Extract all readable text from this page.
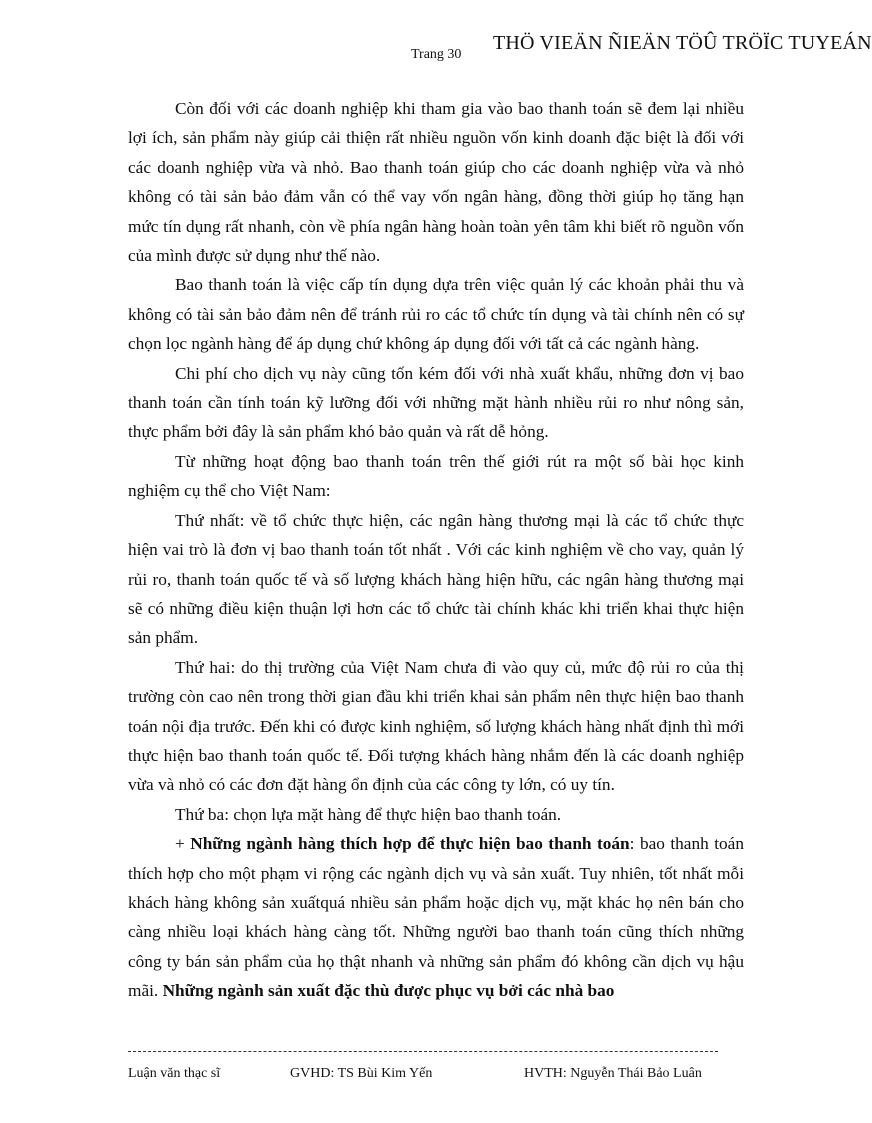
Trang 30
THÖ VIEÄN ÑIEÄN TÖÛ TRÖÏC TUYEÁN

Còn đối với các doanh nghiệp khi tham gia vào bao thanh toán sẽ đem lại nhiều lợi ích, sản phẩm này giúp cải thiện rất nhiều nguồn vốn kinh doanh đặc biệt là đối với các doanh nghiệp vừa và nhỏ. Bao thanh toán giúp cho các doanh nghiệp vừa và nhỏ không có tài sản bảo đảm vẫn có thể vay vốn ngân hàng, đồng thời giúp họ tăng hạn mức tín dụng rất nhanh, còn về phía ngân hàng hoàn toàn yên tâm khi biết rõ nguồn vốn của mình được sử dụng như thế nào.

Bao thanh toán là việc cấp tín dụng dựa trên việc quản lý các khoản phải thu và không có tài sản bảo đảm nên để tránh rủi ro các tổ chức tín dụng và tài chính nên có sự chọn lọc ngành hàng để áp dụng chứ không áp dụng đối với tất cả các ngành hàng.

Chi phí cho dịch vụ này cũng tốn kém đối với nhà xuất khẩu, những đơn vị bao thanh toán cần tính toán kỹ lưỡng đối với những mặt hành nhiều rủi ro như nông sản, thực phẩm bởi đây là sản phẩm khó bảo quản và rất dễ hỏng.

Từ những hoạt động bao thanh toán trên thế giới rút ra một số bài học kinh nghiệm cụ thể cho Việt Nam:

Thứ nhất: về tổ chức thực hiện, các ngân hàng thương mại là các tổ chức thực hiện vai trò là đơn vị bao thanh toán tốt nhất . Với các kinh nghiệm về cho vay, quản lý rủi ro, thanh toán quốc tế và số lượng khách hàng hiện hữu, các ngân hàng thương mại sẽ có những điều kiện thuận lợi hơn các tổ chức tài chính khác khi triển khai thực hiện sản phẩm.

Thứ hai: do thị trường của Việt Nam chưa đi vào quy củ, mức độ rủi ro của thị trường còn cao nên trong thời gian đầu khi triển khai sản phẩm nên thực hiện bao thanh toán nội địa trước. Đến khi có được kinh nghiệm, số lượng khách hàng nhất định thì mới thực hiện bao thanh toán quốc tế. Đối tượng khách hàng nhắm đến là các doanh nghiệp vừa và nhỏ có các đơn đặt hàng ổn định của các công ty lớn, có uy tín.

Thứ ba: chọn lựa mặt hàng để thực hiện bao thanh toán.

+ Những ngành hàng thích hợp để thực hiện bao thanh toán: bao thanh toán thích hợp cho một phạm vi rộng các ngành dịch vụ và sản xuất. Tuy nhiên, tốt nhất mỗi khách hàng không sản xuấtquá nhiều sản phẩm hoặc dịch vụ, mặt khác họ nên bán cho càng nhiều loại khách hàng càng tốt. Những người bao thanh toán cũng thích những công ty bán sản phẩm của họ thật nhanh và những sản phẩm đó không cần dịch vụ hậu mãi. Những ngành sản xuất đặc thù được phục vụ bởi các nhà bao

Luận văn thạc sĩ	GVHD: TS Bùi Kim Yến	HVTH: Nguyễn Thái Bảo Luân
